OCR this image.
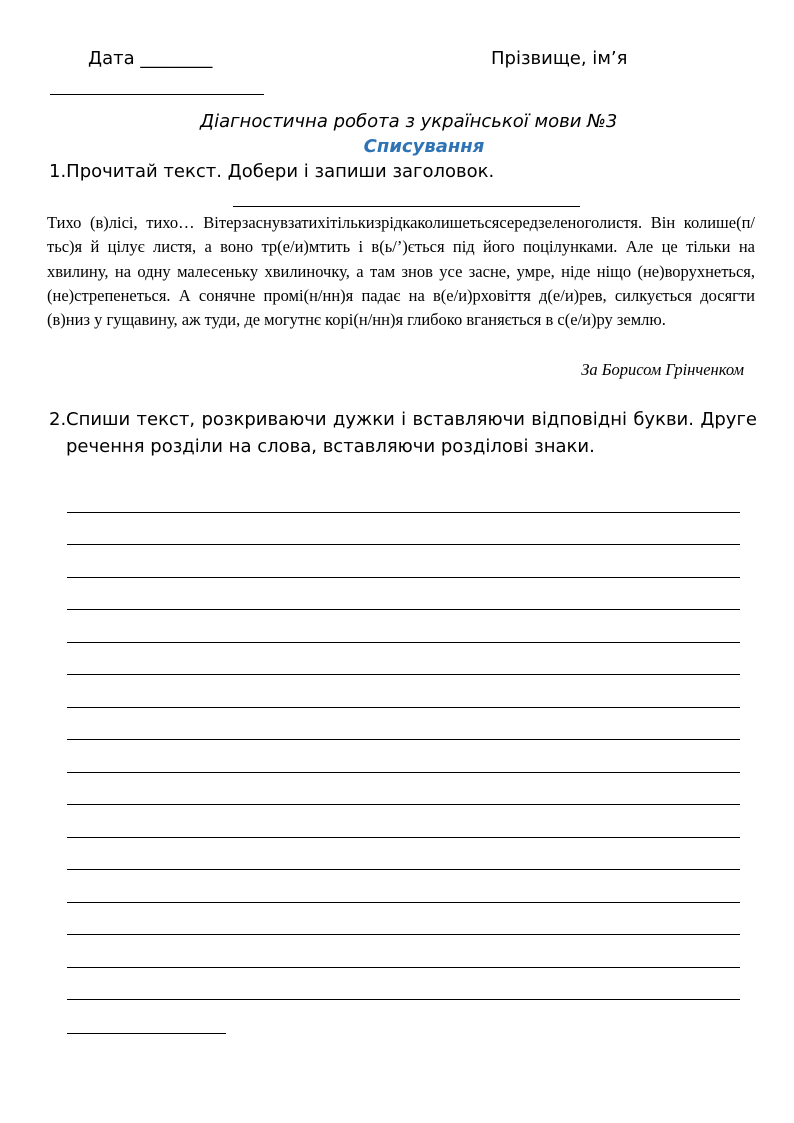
Дата ________	Прізвище, ім’я
Діагностична робота з української мови №3
Списування
1.Прочитай текст. Добери і запиши заголовок.

Тихо (в)лісі, тихо… Вітерзаснувзатихітількизрідкаколишетьсясередзеленоголистя. Він колише(п/тьс)я й цілує листя, а воно тр(е/и)мтить і в(ь/’)ється під його поцілунками. Але це тільки на хвилину, на одну малесеньку хвилиночку, а там знов усе засне, умре, ніде ніщо (не)ворухнеться, (не)стрепенеться. А сонячне промі(н/нн)я падає на в(е/и)рховіття д(е/и)рев, силкується досягти (в)низ у гущавину, аж туди, де могутнє корі(н/нн)я глибоко вганяється в с(е/и)ру землю.

За Борисом Грінченком
2. Спиши текст, розкриваючи дужки і вставляючи відповідні букви. Друге речення розділи на слова, вставляючи розділові знаки.
